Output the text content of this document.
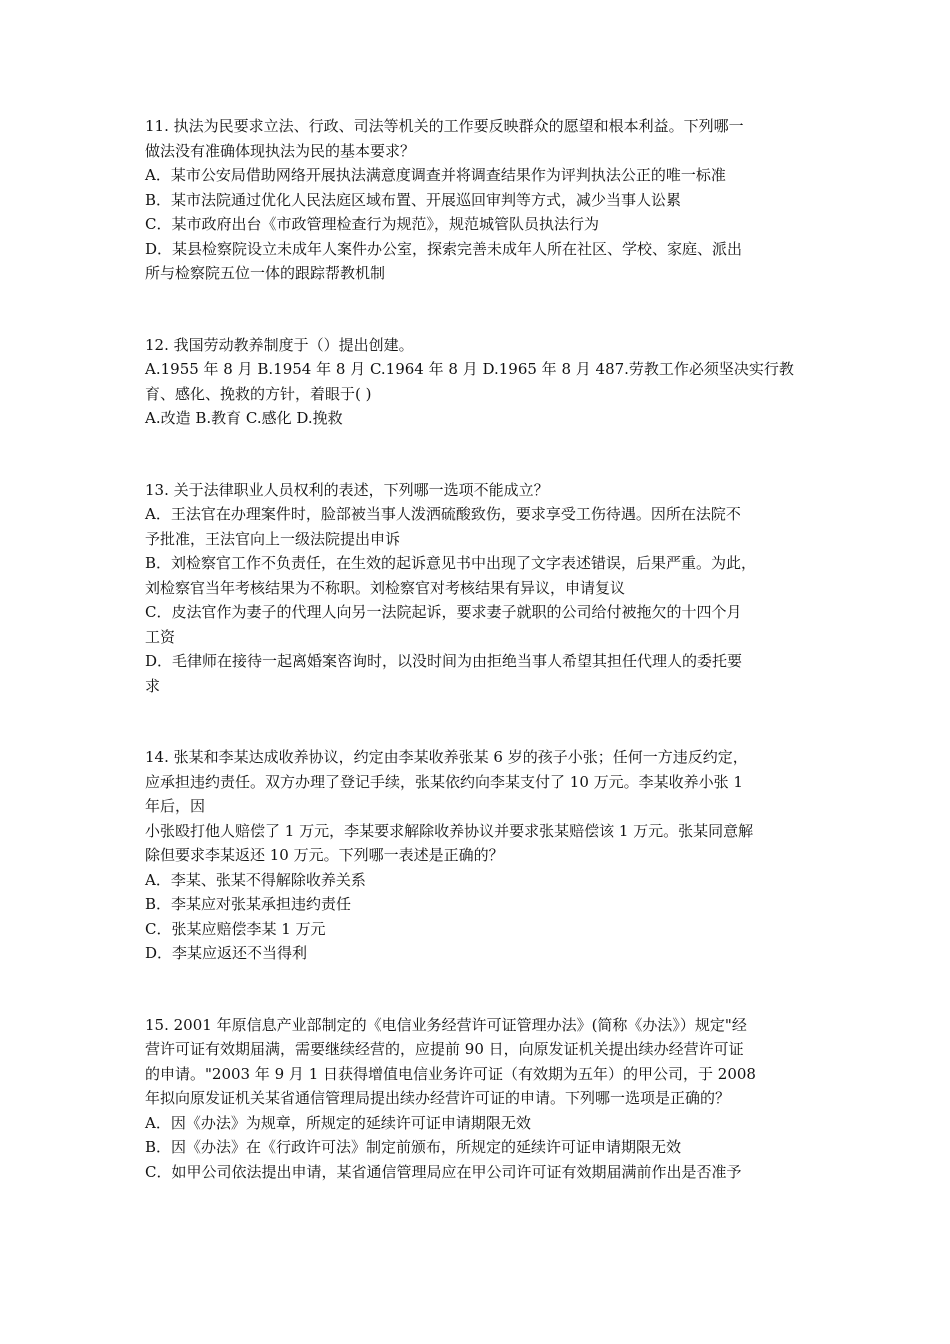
11. 执法为民要求立法、行政、司法等机关的工作要反映群众的愿望和根本利益。下列哪一
做法没有准确体现执法为民的基本要求？
A．某市公安局借助网络开展执法满意度调查并将调查结果作为评判执法公正的唯一标准
B．某市法院通过优化人民法庭区域布置、开展巡回审判等方式，减少当事人讼累
C．某市政府出台《市政管理检查行为规范》，规范城管队员执法行为
D．某县检察院设立未成年人案件办公室，探索完善未成年人所在社区、学校、家庭、派出
所与检察院五位一体的跟踪帮教机制
12. 我国劳动教养制度于（）提出创建。
A.1955 年 8 月 B.1954 年 8 月 C.1964 年 8 月 D.1965 年 8 月 487.劳教工作必须坚决实行教
育、感化、挽救的方针，着眼于( )
A.改造 B.教育 C.感化 D.挽救
13. 关于法律职业人员权利的表述，下列哪一选项不能成立？
A．王法官在办理案件时，脸部被当事人泼洒硫酸致伤，要求享受工伤待遇。因所在法院不
予批准，王法官向上一级法院提出申诉
B．刘检察官工作不负责任，在生效的起诉意见书中出现了文字表述错误，后果严重。为此，
刘检察官当年考核结果为不称职。刘检察官对考核结果有异议，申请复议
C．皮法官作为妻子的代理人向另一法院起诉，要求妻子就职的公司给付被拖欠的十四个月
工资
D．毛律师在接待一起离婚案咨询时，以没时间为由拒绝当事人希望其担任代理人的委托要
求
14. 张某和李某达成收养协议，约定由李某收养张某 6 岁的孩子小张；任何一方违反约定，
应承担违约责任。双方办理了登记手续，张某依约向李某支付了 10 万元。李某收养小张 1
年后，因
小张殴打他人赔偿了 1 万元，李某要求解除收养协议并要求张某赔偿该 1 万元。张某同意解
除但要求李某返还 10 万元。下列哪一表述是正确的？
A．李某、张某不得解除收养关系
B．李某应对张某承担违约责任
C．张某应赔偿李某 1 万元
D．李某应返还不当得利
15. 2001 年原信息产业部制定的《电信业务经营许可证管理办法》(简称《办法》）规定"经
营许可证有效期届满，需要继续经营的，应提前 90 日，向原发证机关提出续办经营许可证
的申请。"2003 年 9 月 1 日获得增值电信业务许可证（有效期为五年）的甲公司，于 2008
年拟向原发证机关某省通信管理局提出续办经营许可证的申请。下列哪一选项是正确的？
A．因《办法》为规章，所规定的延续许可证申请期限无效
B．因《办法》在《行政许可法》制定前颁布，所规定的延续许可证申请期限无效
C．如甲公司依法提出申请，某省通信管理局应在甲公司许可证有效期届满前作出是否准予
